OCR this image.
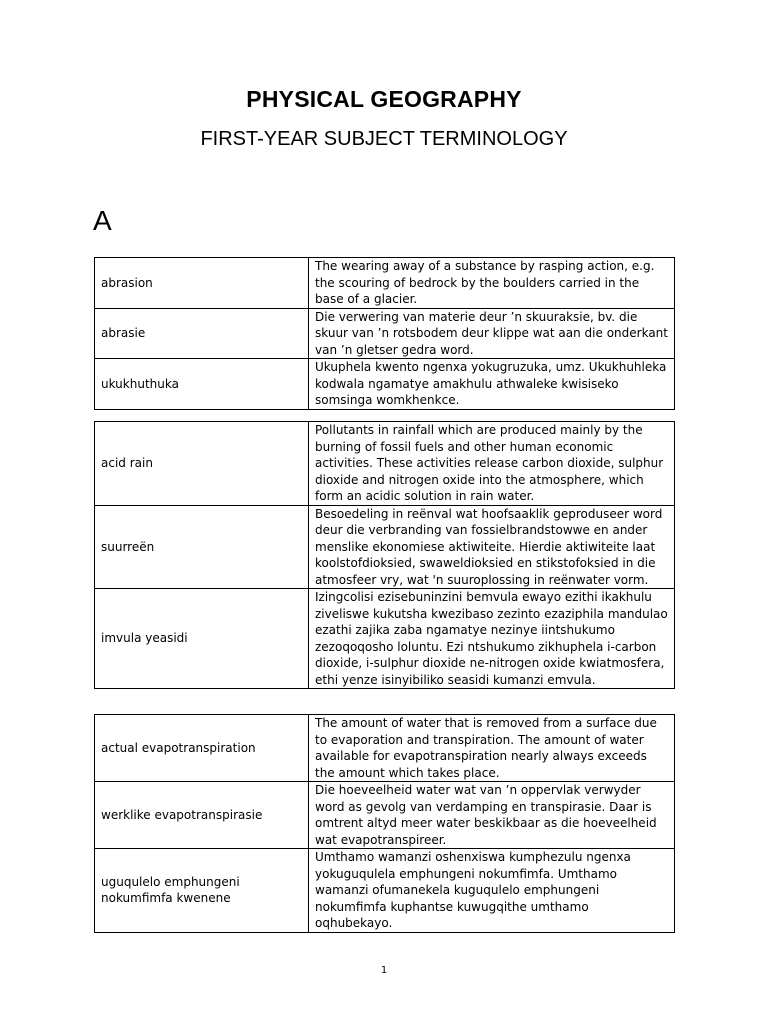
PHYSICAL GEOGRAPHY
FIRST-YEAR SUBJECT TERMINOLOGY
A
abrasion	The wearing away of a substance by rasping action, e.g. the scouring of bedrock by the boulders carried in the base of a glacier.
abrasie	Die verwering van materie deur ’n skuuraksie, bv. die skuur van ’n rotsbodem deur klippe wat aan die onderkant van ’n gletser gedra word.
ukukhuthuka	Ukuphela kwento ngenxa yokugruzuka, umz. Ukukhuhleka kodwala ngamatye amakhulu athwaleke kwisiseko somsinga womkhenkce.
acid rain	Pollutants in rainfall which are produced mainly by the burning of fossil fuels and other human economic activities. These activities release carbon dioxide, sulphur dioxide and nitrogen oxide into the atmosphere, which form an acidic solution in rain water.
suurreën	Besoedeling in reënval wat hoofsaaklik geproduseer word deur die verbranding van fossielbrandstowwe en ander menslike ekonomiese aktiwiteite. Hierdie aktiwiteite laat koolstofdioksied, swaweldioksied en stikstofoksied in die atmosfeer vry, wat 'n suuroplossing in reënwater vorm.
imvula yeasidi	Izingcolisi ezisebuninzini bemvula ewayo ezithi ikakhulu ziveliswe kukutsha kwezibaso zezinto ezaziphila mandulao ezathi zajika zaba ngamatye nezinye iintshukumo zezoqoqosho loluntu. Ezi ntshukumo zikhuphela i-carbon dioxide, i-sulphur dioxide ne-nitrogen oxide kwiatmosfera, ethi yenze isinyibiliko seasidi kumanzi emvula.
actual evapotranspiration	The amount of water that is removed from a surface due to evaporation and transpiration. The amount of water available for evapotranspiration nearly always exceeds the amount which takes place.
werklike evapotranspirasie	Die hoeveelheid water wat van ’n oppervlak verwyder word as gevolg van verdamping en transpirasie. Daar is omtrent altyd meer water beskikbaar as die hoeveelheid wat evapotranspireer.
uguqulelo emphungeni nokumfimfa kwenene	Umthamo wamanzi oshenxiswa kumphezulu ngenxa yokuguqulela emphungeni nokumfimfa. Umthamo wamanzi ofumanekela kuguqulelo emphungeni nokumfimfa kuphantse kuwugqithe umthamo oqhubekayo.
1
